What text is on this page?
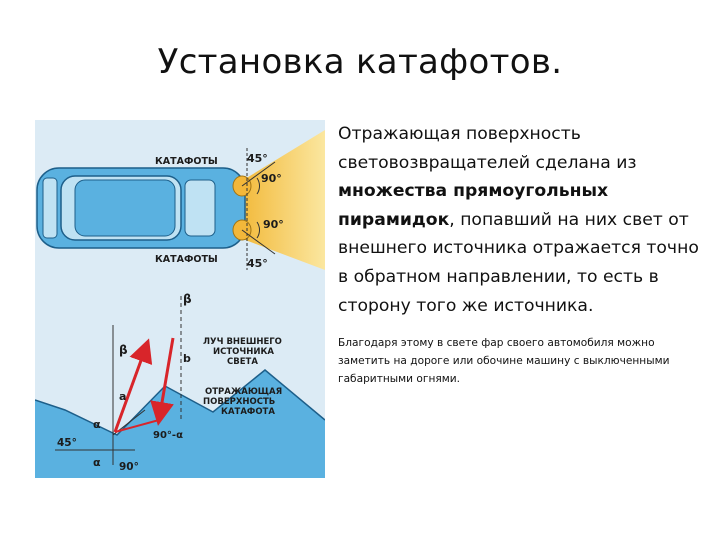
Установка катафотов.
КАТАФОТЫ
КАТАФОТЫ
45°
45°
90°
90°
ЛУЧ ВНЕШНЕГО
ИСТОЧНИКА
СВЕТА
ОТРАЖАЮЩАЯ
ПОВЕРХНОСТЬ
КАТАФОТА
β
β
a
b
α
α
45°
90°-α
90°

Отражающая поверхность световозвращателей сделана из множества прямоугольных пирамидок, попавший на них свет от внешнего источника отражается точно в обратном направлении, то есть в сторону того же источника.

Благодаря этому в свете фар своего автомобиля можно заметить на дороге или обочине машину с выключенными габаритными огнями.
